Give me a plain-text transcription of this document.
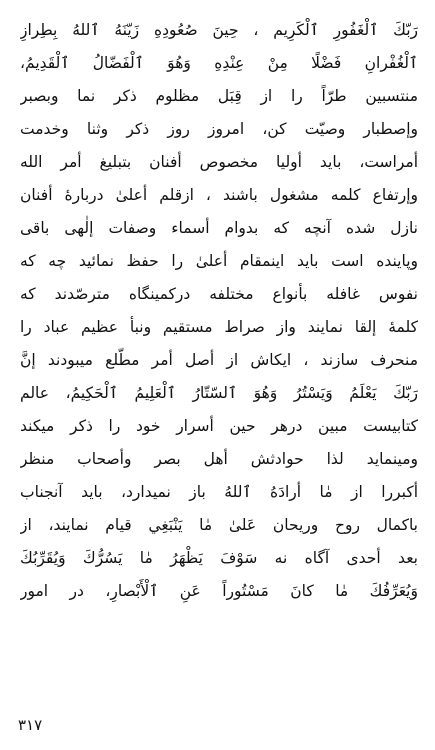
رَبّكَ ٱلْغَفُورِ ٱلْكَرِيم ، حِينَ صُعُودِهِ زَيّنَهُ ٱللهُ بِطِرازِ
ٱلْغُفْرانِ فَضْلًا مِنْ عِنْدِهِ وَهُوَ ٱلْفَضّالُ ٱلْقَدِيمُ،
منتسبین طرّاً را از قِبَل مظلوم ذکر نما وبصبر
وإصطبار وصیّت کن، امروز روز ذکر وثنا وخدمت
أمراست، باید أولیا مخصوص أفنان بتبلیغ أمر الله
وإرتفاع کلمه مشغول باشند ، ازقلم أعلیٰ درباره‌ٔ أفنان
نازل شده آنچه که بدوام أسماء وصفات إلٰهی باقی
وپاینده است باید اینمقام أعلیٰ را حفظ نمائید چه که
نفوس غافله بأنواع مختلفه درکمینگاه مترصّدند که
کلمهٔ إلقا نمایند واز صراط مستقیم ونبأ عظیم عباد را
منحرف سازند ، ایکاش از أصل أمر مطّلع میبودند إنَّ
رَبّكَ يَعْلَمُ وَيَسْتُرُ وَهُوَ ٱلسّتّارُ ٱلْعَلِيمُ ٱلْحَكِيمُ، عالم
کتابیست مبین درهر حین أسرار خود را ذکر میکند
ومینماید لذا حوادثش أهل بصر وأصحاب منظر
أکبررا از مٰا أرادَهُ ٱللهُ باز نمیدارد، باید آنجناب
باکمال روح وریحان عَلیٰ مٰا يَنْبَغِي قیام نمایند، از
بعد أحدی آگاه نه سَوْفَ يَظْهَرُ مٰا يَسُرُّكَ وَيُقَرِّبُكَ
وَيُعَرِّفُكَ مٰا كانَ مَسْتُوراً عَنِ ٱلْأَبْصارِ، در امور
٣١٧
